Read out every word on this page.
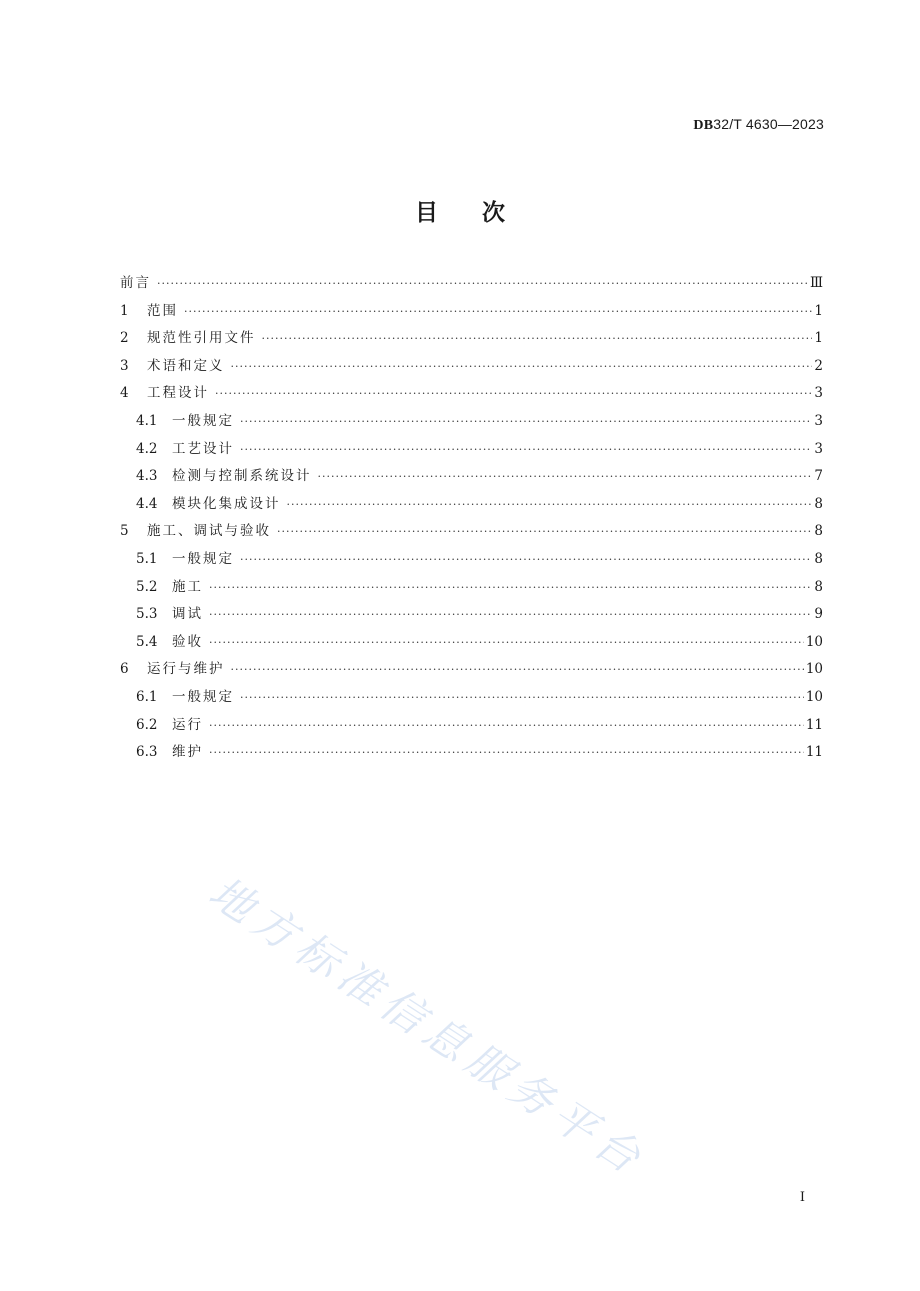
DB32/T 4630—2023
目次
前言 ·····	Ⅲ
1	范围 ·····	1
2	规范性引用文件 ·····	1
3	术语和定义 ·····	2
4	工程设计 ·····	3
4.1	一般规定 ·····	3
4.2	工艺设计 ·····	3
4.3	检测与控制系统设计 ·····	7
4.4	模块化集成设计 ·····	8
5	施工、调试与验收 ·····	8
5.1	一般规定 ·····	8
5.2	施工 ·····	8
5.3	调试 ·····	9
5.4	验收 ·····	10
6	运行与维护 ·····	10
6.1	一般规定 ·····	10
6.2	运行 ·····	11
6.3	维护 ·····	11
地方标准信息服务平台
I
